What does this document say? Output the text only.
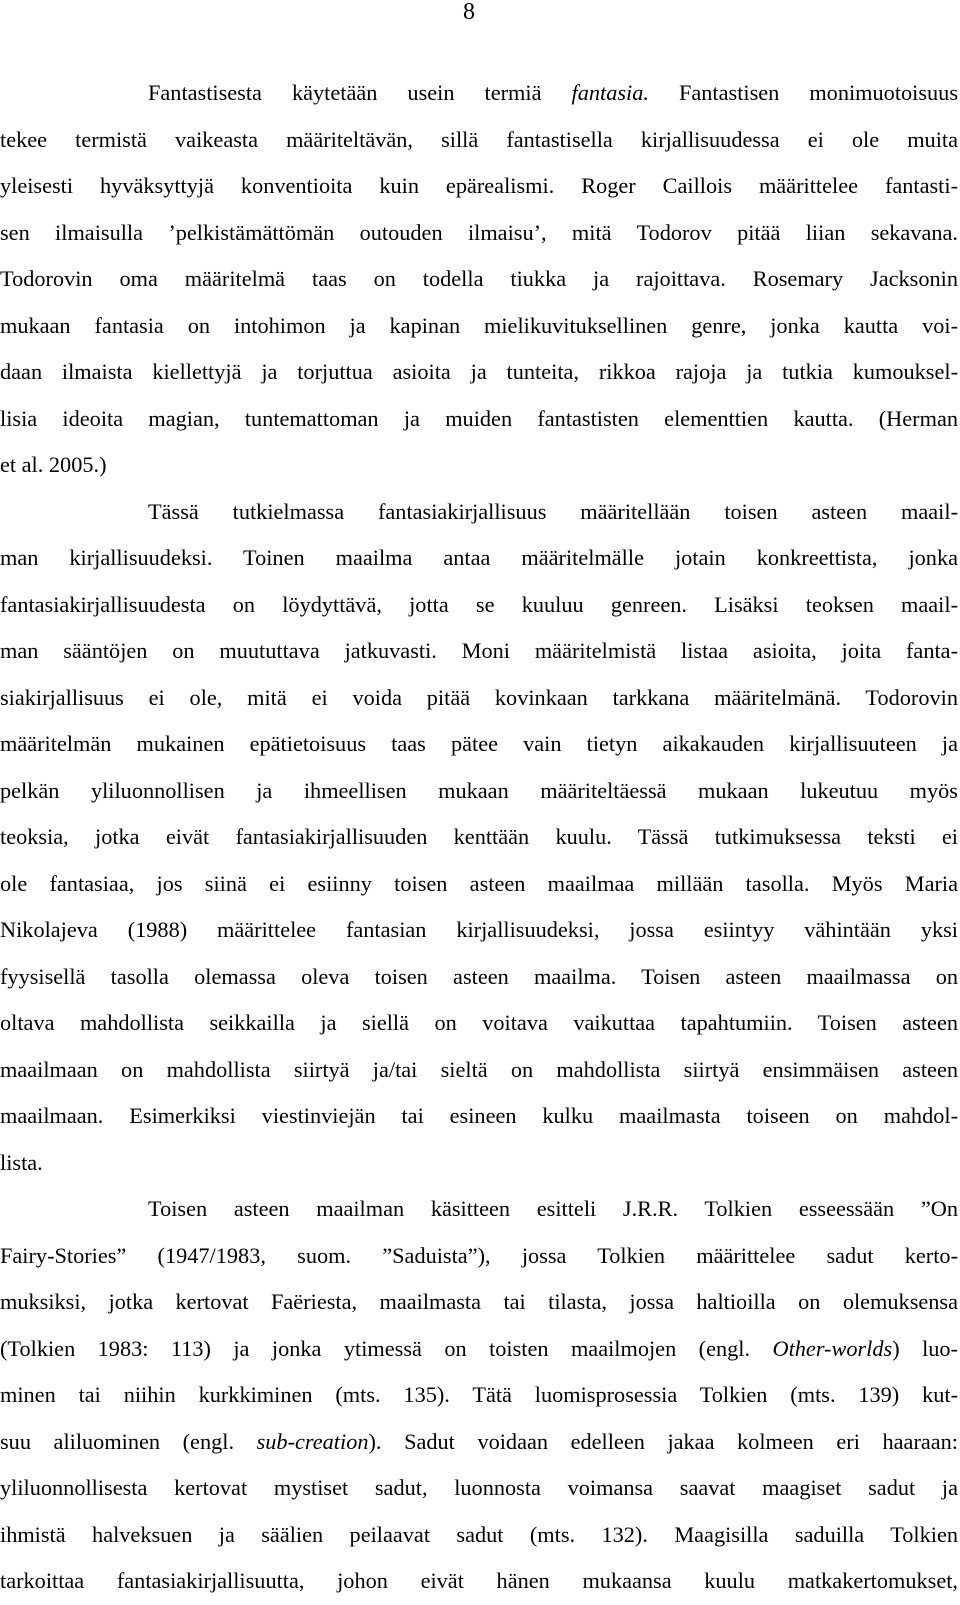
8
Fantastisesta käytetään usein termiä fantasia. Fantastisen monimuotoisuus
tekee termistä vaikeasta määriteltävän, sillä fantastisella kirjallisuudessa ei ole muita
yleisesti hyväksyttyjä konventioita kuin epärealismi. Roger Caillois määrittelee fantasti-
sen ilmaisulla ’pelkistämättömän outouden ilmaisu’, mitä Todorov pitää liian sekavana.
Todorovin oma määritelmä taas on todella tiukka ja rajoittava. Rosemary Jacksonin
mukaan fantasia on intohimon ja kapinan mielikuvituksellinen genre, jonka kautta voi-
daan ilmaista kiellettyjä ja torjuttua asioita ja tunteita, rikkoa rajoja ja tutkia kumouksel-
lisia ideoita magian, tuntemattoman ja muiden fantastisten elementtien kautta. (Herman
et al. 2005.)
Tässä tutkielmassa fantasiakirjallisuus määritellään toisen asteen maail-
man kirjallisuudeksi. Toinen maailma antaa määritelmälle jotain konkreettista, jonka
fantasiakirjallisuudesta on löydyttävä, jotta se kuuluu genreen. Lisäksi teoksen maail-
man sääntöjen on muututtava jatkuvasti. Moni määritelmistä listaa asioita, joita fanta-
siakirjallisuus ei ole, mitä ei voida pitää kovinkaan tarkkana määritelmänä. Todorovin
määritelmän mukainen epätietoisuus taas pätee vain tietyn aikakauden kirjallisuuteen ja
pelkän yliluonnollisen ja ihmeellisen mukaan määriteltäessä mukaan lukeutuu myös
teoksia, jotka eivät fantasiakirjallisuuden kenttään kuulu. Tässä tutkimuksessa teksti ei
ole fantasiaa, jos siinä ei esiinny toisen asteen maailmaa millään tasolla. Myös Maria
Nikolajeva (1988) määrittelee fantasian kirjallisuudeksi, jossa esiintyy vähintään yksi
fyysisellä tasolla olemassa oleva toisen asteen maailma. Toisen asteen maailmassa on
oltava mahdollista seikkailla ja siellä on voitava vaikuttaa tapahtumiin. Toisen asteen
maailmaan on mahdollista siirtyä ja/tai sieltä on mahdollista siirtyä ensimmäisen asteen
maailmaan. Esimerkiksi viestinviejän tai esineen kulku maailmasta toiseen on mahdol-
lista.
Toisen asteen maailman käsitteen esitteli J.R.R. Tolkien esseessään ”On
Fairy-Stories” (1947/1983, suom. ”Saduista”), jossa Tolkien määrittelee sadut kerto-
muksiksi, jotka kertovat Faëriesta, maailmasta tai tilasta, jossa haltioilla on olemuksensa
(Tolkien 1983: 113) ja jonka ytimessä on toisten maailmojen (engl. Other-worlds) luo-
minen tai niihin kurkkiminen (mts. 135). Tätä luomisprosessia Tolkien (mts. 139) kut-
suu aliluominen (engl. sub-creation). Sadut voidaan edelleen jakaa kolmeen eri haaraan:
yliluonnollisesta kertovat mystiset sadut, luonnosta voimansa saavat maagiset sadut ja
ihmistä halveksuen ja säälien peilaavat sadut (mts. 132). Maagisilla saduilla Tolkien
tarkoittaa fantasiakirjallisuutta, johon eivät hänen mukaansa kuulu matkakertomukset,
